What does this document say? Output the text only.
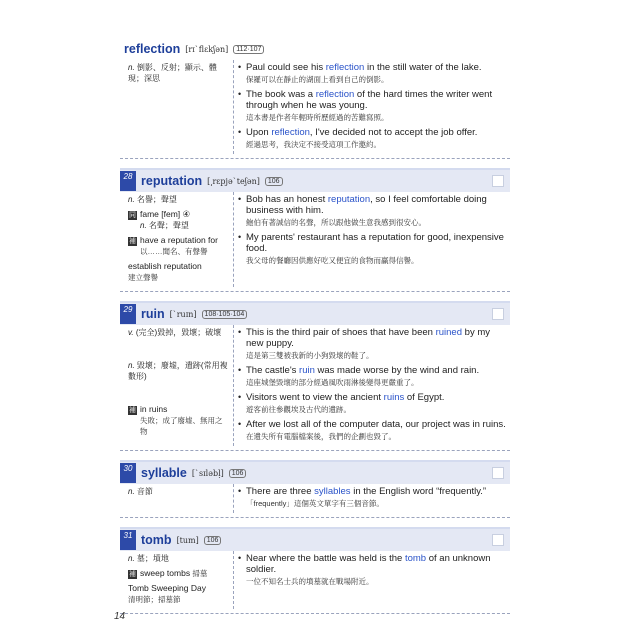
reflection [rɪˋflɛkʃən]	112·107
n. 倒影、反射；顯示、體現；深思
• Paul could see his reflection in the still water of the lake.
保羅可以在靜止的湖面上看到自己的倒影。
• The book was a reflection of the hard times the writer went through when he was young.
這本書是作者年輕時所歷經過的苦難寫照。
• Upon reflection, I've decided not to accept the job offer.
經過思考，我決定不接受這項工作邀約。
28 reputation [͵rɛpjəˋteʃən]	106
n. 名譽；聲望
同 fame [fem] ④
n. 名聲；聲望
補 have a reputation for
以……聞名、有聲譽
establish reputation
建立聲譽
• Bob has an honest reputation, so I feel comfortable doing business with him.
鮑伯有著誠信的名聲，所以跟他做生意我感到很安心。
• My parents' restaurant has a reputation for good, inexpensive food.
我父母的餐廳因供應好吃又便宜的食物而贏得信譽。
29 ruin [ˋruɪn]	108·105·104
v. (完全)毀掉，毀壞；破壞
n. 毀壞；廢墟，遺跡(常用複數形)
補 in ruins
失敗；成了廢墟、無用之物
• This is the third pair of shoes that have been ruined by my new puppy.
這是第三雙被我新的小狗毀壞的鞋了。
• The castle's ruin was made worse by the wind and rain.
這座城堡毀壞的部分經過風吹雨淋後變得更嚴重了。
• Visitors went to view the ancient ruins of Egypt.
遊客前往參觀埃及古代的遺跡。
• After we lost all of the computer data, our project was in ruins.
在遺失所有電腦檔案後，我們的企劃也毀了。
30 syllable [ˋsɪləbḷ]	106
n. 音節	• There are three syllables in the English word “frequently.”
「frequently」這個英文單字有三個音節。
31 tomb [tum]	106
n. 墓；墳地
補 sweep tombs 掃墓
Tomb Sweeping Day
清明節；掃墓節
• Near where the battle was held is the tomb of an unknown soldier.
一位不知名士兵的墳墓就在戰場附近。
14
